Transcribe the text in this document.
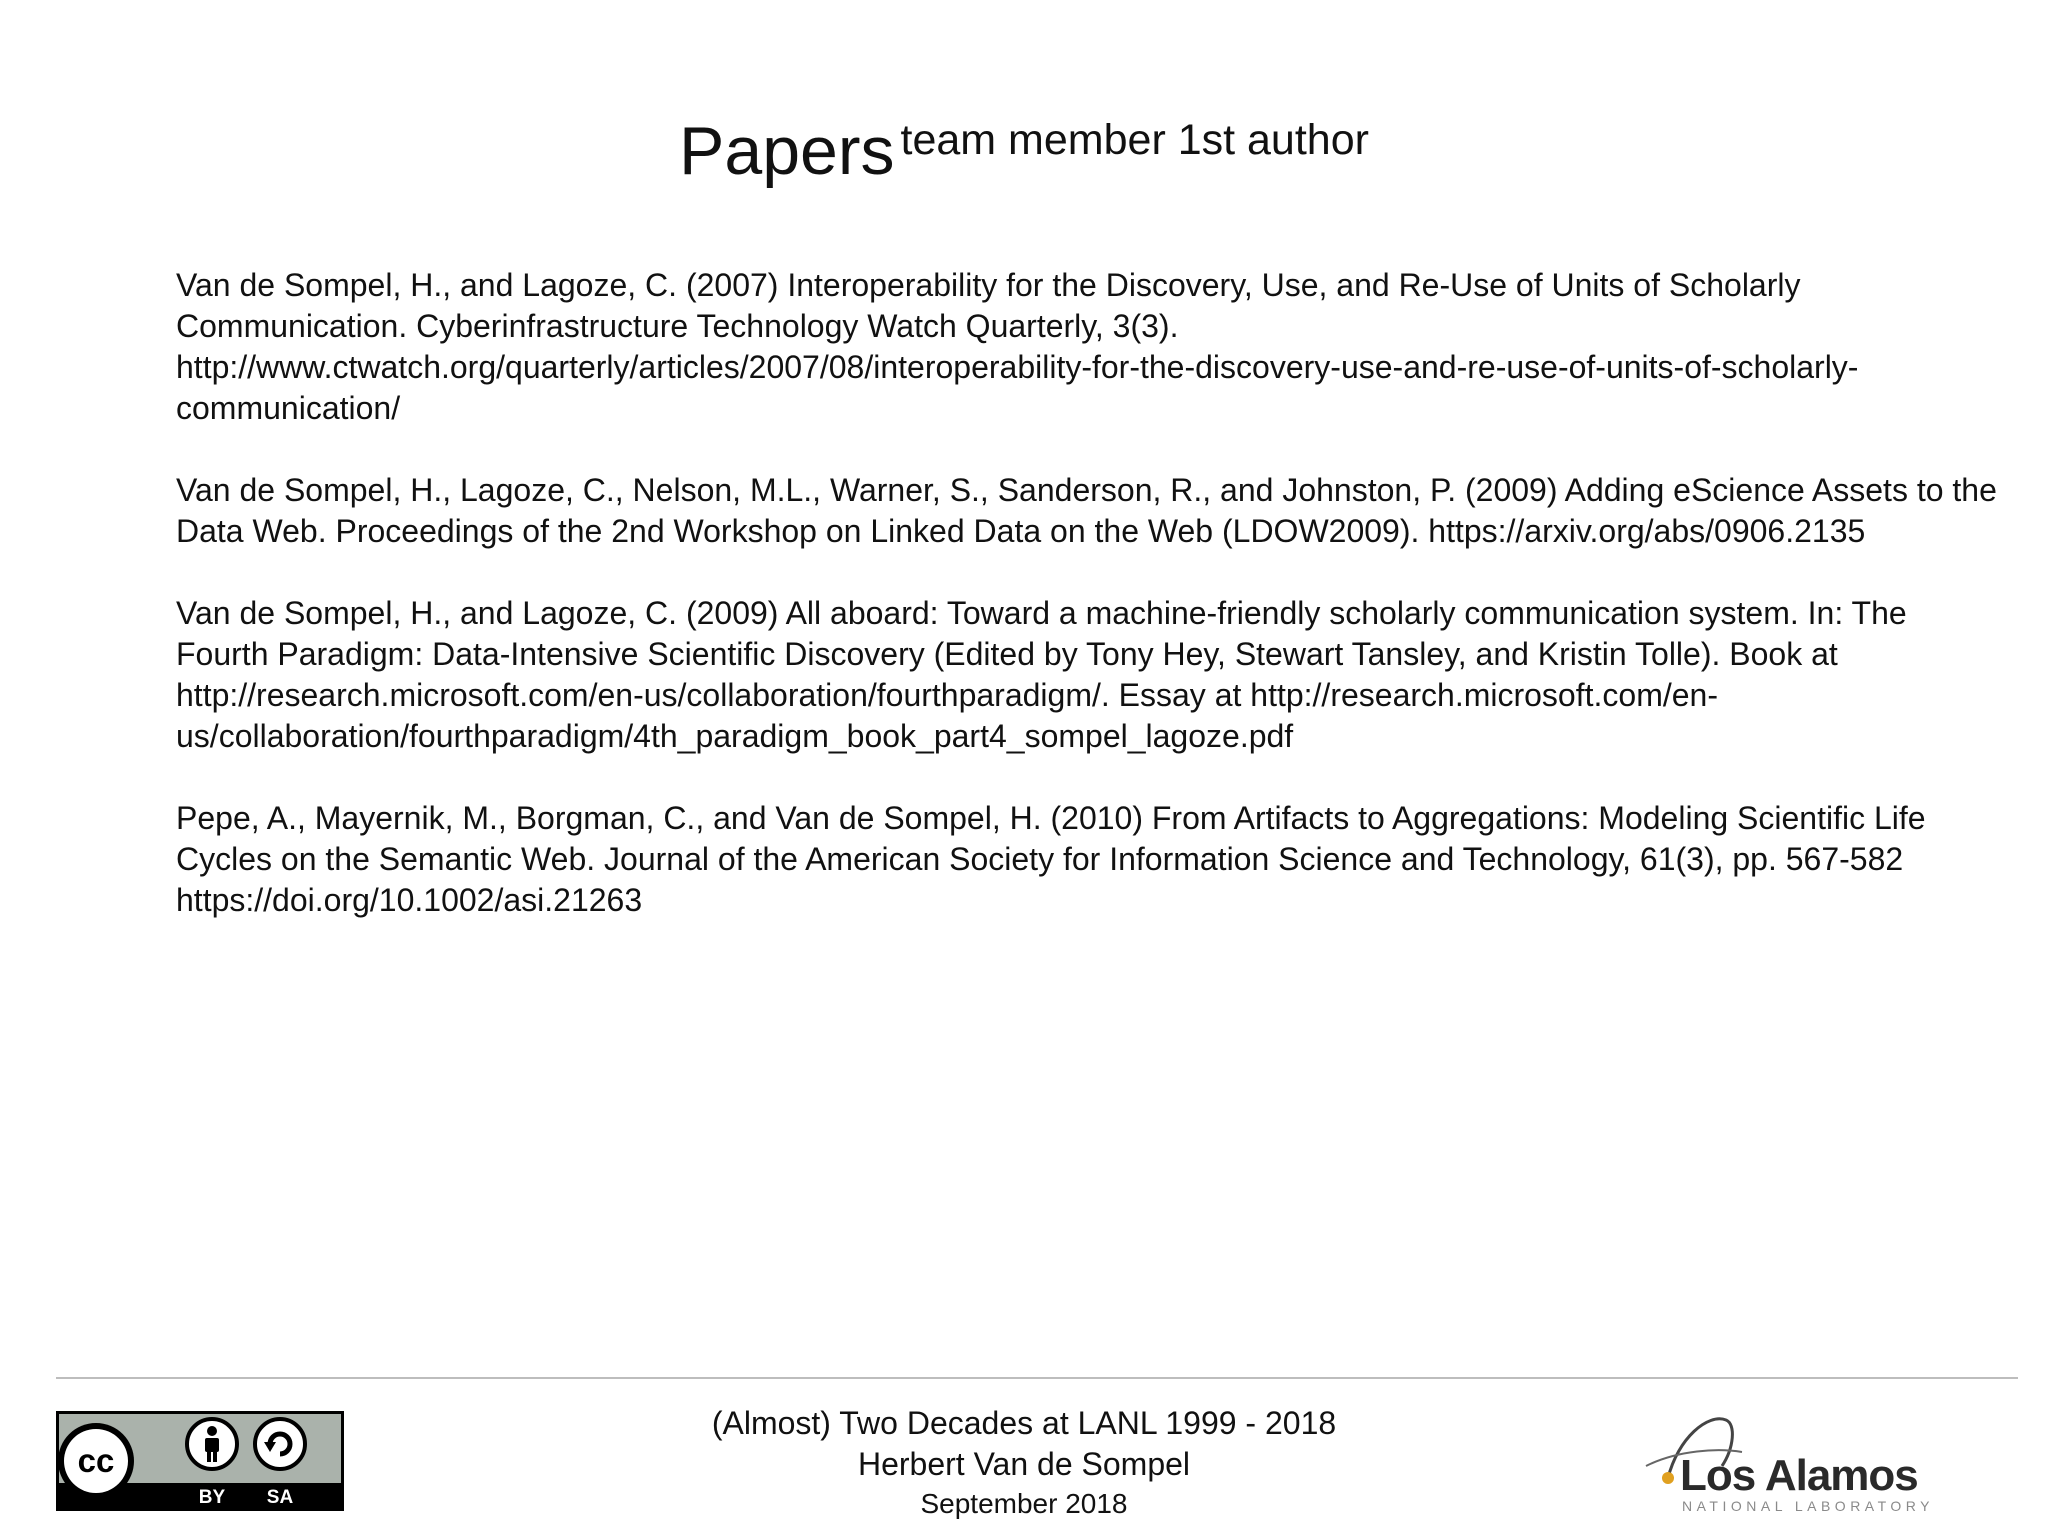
Papers team member 1st author

Van de Sompel, H., and Lagoze, C. (2007) Interoperability for the Discovery, Use, and Re-Use of Units of Scholarly Communication. Cyberinfrastructure Technology Watch Quarterly, 3(3). http://www.ctwatch.org/quarterly/articles/2007/08/interoperability-for-the-discovery-use-and-re-use-of-units-of-scholarly-communication/

Van de Sompel, H., Lagoze, C., Nelson, M.L., Warner, S., Sanderson, R., and Johnston, P. (2009) Adding eScience Assets to the Data Web. Proceedings of the 2nd Workshop on Linked Data on the Web (LDOW2009). https://arxiv.org/abs/0906.2135

Van de Sompel, H., and Lagoze, C. (2009) All aboard: Toward a machine-friendly scholarly communication system. In: The Fourth Paradigm: Data-Intensive Scientific Discovery (Edited by Tony Hey, Stewart Tansley, and Kristin Tolle). Book at http://research.microsoft.com/en-us/collaboration/fourthparadigm/. Essay at http://research.microsoft.com/en-us/collaboration/fourthparadigm/4th_paradigm_book_part4_sompel_lagoze.pdf

Pepe, A., Mayernik, M., Borgman, C., and Van de Sompel, H. (2010) From Artifacts to Aggregations: Modeling Scientific Life Cycles on the Semantic Web. Journal of the American Society for Information Science and Technology, 61(3), pp. 567-582 https://doi.org/10.1002/asi.21263

cc
BY SA
(Almost) Two Decades at LANL 1999 - 2018
Herbert Van de Sompel
September 2018
Los Alamos
NATIONAL LABORATORY
